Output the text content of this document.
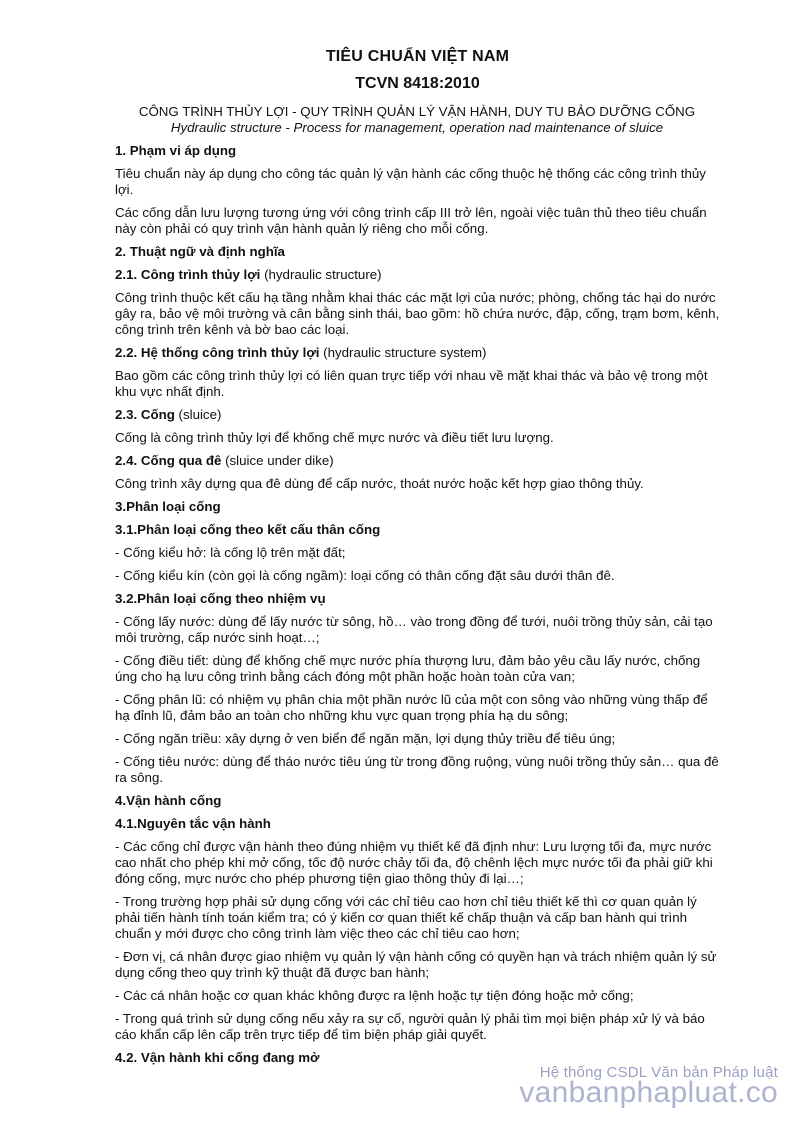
TIÊU CHUẨN VIỆT NAM
TCVN 8418:2010
CÔNG TRÌNH THỦY LỢI - QUY TRÌNH QUẢN LÝ VẬN HÀNH, DUY TU BẢO DƯỠNG CỐNG
Hydraulic structure - Process for management, operation nad maintenance of sluice
1. Phạm vi áp dụng
Tiêu chuẩn này áp dụng cho công tác quản lý vận hành các cống thuộc hệ thống các công trình thủy lợi.
Các cống dẫn lưu lượng tương ứng với công trình cấp III trở lên, ngoài việc tuân thủ theo tiêu chuẩn này còn phải có quy trình vận hành quản lý riêng cho mỗi cống.
2. Thuật ngữ và định nghĩa
2.1. Công trình thủy lợi (hydraulic structure)
Công trình thuộc kết cấu hạ tầng nhằm khai thác các mặt lợi của nước; phòng, chống tác hại do nước gây ra, bảo vệ môi trường và cân bằng sinh thái, bao gồm: hồ chứa nước, đập, cống, trạm bơm, kênh, công trình trên kênh và bờ bao các loại.
2.2. Hệ thống công trình thủy lợi (hydraulic structure system)
Bao gồm các công trình thủy lợi có liên quan trực tiếp với nhau về mặt khai thác và bảo vệ trong một khu vực nhất định.
2.3. Cống (sluice)
Cống là công trình thủy lợi để khống chế mực nước và điều tiết lưu lượng.
2.4. Cống qua đê (sluice under dike)
Công trình xây dựng qua đê dùng để cấp nước, thoát nước hoặc kết hợp giao thông thủy.
3.Phân loại cống
3.1.Phân loại cống theo kết cấu thân cống
- Cống kiểu hở: là cống lộ trên mặt đất;
- Cống kiểu kín (còn gọi là cống ngầm): loại cống có thân cống đặt sâu dưới thân đê.
3.2.Phân loại cống theo nhiệm vụ
- Cống lấy nước: dùng để lấy nước từ sông, hồ… vào trong đồng để tưới, nuôi trồng thủy sản, cải tạo môi trường, cấp nước sinh hoạt…;
- Cống điều tiết: dùng để khống chế mực nước phía thượng lưu, đảm bảo yêu cầu lấy nước, chống úng cho hạ lưu công trình bằng cách đóng một phần hoặc hoàn toàn cửa van;
- Cống phân lũ: có nhiệm vụ phân chia một phần nước lũ của một con sông vào những vùng thấp để hạ đỉnh lũ, đảm bảo an toàn cho những khu vực quan trọng phía hạ du sông;
- Cống ngăn triều: xây dựng ở ven biển để ngăn mặn, lợi dụng thủy triều để tiêu úng;
- Cống tiêu nước: dùng để tháo nước tiêu úng từ trong đồng ruộng, vùng nuôi trồng thủy sản… qua đê ra sông.
4.Vận hành cống
4.1.Nguyên tắc vận hành
- Các cống chỉ được vận hành theo đúng nhiệm vụ thiết kế đã định như: Lưu lượng tối đa, mực nước cao nhất cho phép khi mở cống, tốc độ nước chảy tối đa, độ chênh lệch mực nước tối đa phải giữ khi đóng cống, mực nước cho phép phương tiện giao thông thủy đi lại…;
- Trong trường hợp phải sử dụng cống với các chỉ tiêu cao hơn chỉ tiêu thiết kế thì cơ quan quản lý phải tiến hành tính toán kiểm tra; có ý kiến cơ quan thiết kế chấp thuận và cấp ban hành qui trình chuẩn y mới được cho công trình làm việc theo các chỉ tiêu cao hơn;
- Đơn vị, cá nhân được giao nhiệm vụ quản lý vận hành cống có quyền hạn và trách nhiệm quản lý sử dụng cống theo quy trình kỹ thuật đã được ban hành;
- Các cá nhân hoặc cơ quan khác không được ra lệnh hoặc tự tiện đóng hoặc mở cống;
- Trong quá trình sử dụng cống nếu xảy ra sự cố, người quản lý phải tìm mọi biện pháp xử lý và báo cáo khẩn cấp lên cấp trên trực tiếp để tìm biện pháp giải quyết.
4.2. Vận hành khi cống đang mở
Hệ thống CSDL Văn bản Pháp luật
vanbanphapluat.co
